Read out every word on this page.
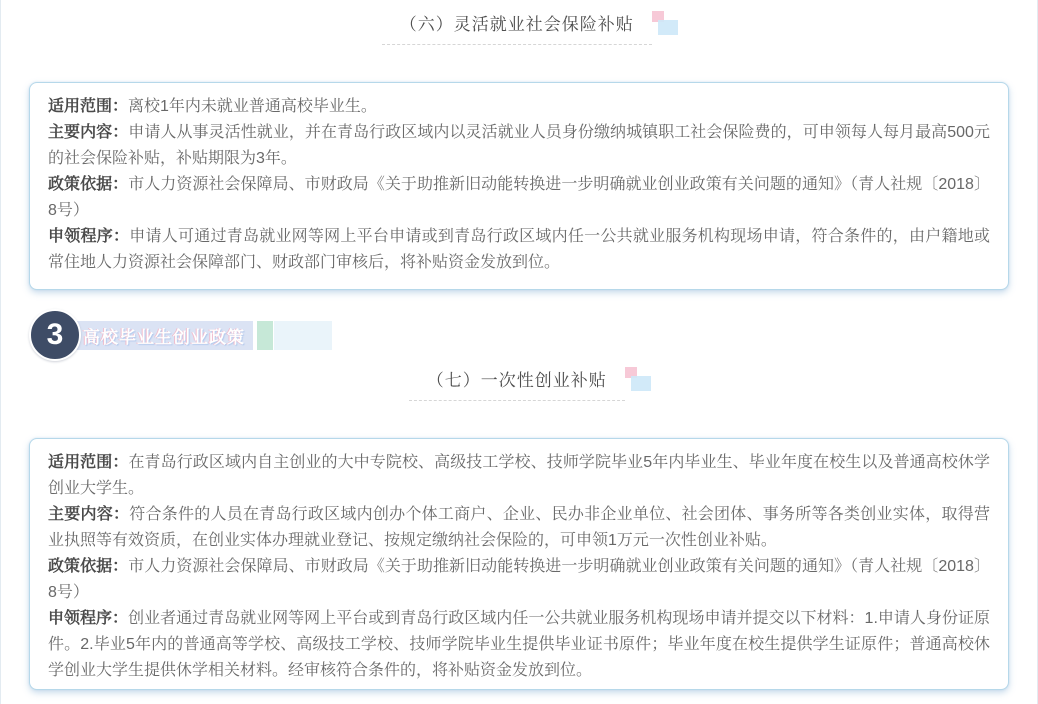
（六）灵活就业社会保险补贴

适用范围：离校1年内未就业普通高校毕业生。

主要内容：申请人从事灵活性就业，并在青岛行政区域内以灵活就业人员身份缴纳城镇职工社会保险费的，可申领每人每月最高500元的社会保险补贴，补贴期限为3年。

政策依据：市人力资源社会保障局、市财政局《关于助推新旧动能转换进一步明确就业创业政策有关问题的通知》（青人社规〔2018〕8号）

申领程序：申请人可通过青岛就业网等网上平台申请或到青岛行政区域内任一公共就业服务机构现场申请，符合条件的，由户籍地或常住地人力资源社会保障部门、财政部门审核后，将补贴资金发放到位。

3	高校毕业生创业政策
（七）一次性创业补贴

适用范围：在青岛行政区域内自主创业的大中专院校、高级技工学校、技师学院毕业5年内毕业生、毕业年度在校生以及普通高校休学创业大学生。

主要内容：符合条件的人员在青岛行政区域内创办个体工商户、企业、民办非企业单位、社会团体、事务所等各类创业实体，取得营业执照等有效资质，在创业实体办理就业登记、按规定缴纳社会保险的，可申领1万元一次性创业补贴。

政策依据：市人力资源社会保障局、市财政局《关于助推新旧动能转换进一步明确就业创业政策有关问题的通知》（青人社规〔2018〕8号）

申领程序：创业者通过青岛就业网等网上平台或到青岛行政区域内任一公共就业服务机构现场申请并提交以下材料：1.申请人身份证原件。2.毕业5年内的普通高等学校、高级技工学校、技师学院毕业生提供毕业证书原件；毕业年度在校生提供学生证原件；普通高校休学创业大学生提供休学相关材料。经审核符合条件的，将补贴资金发放到位。
